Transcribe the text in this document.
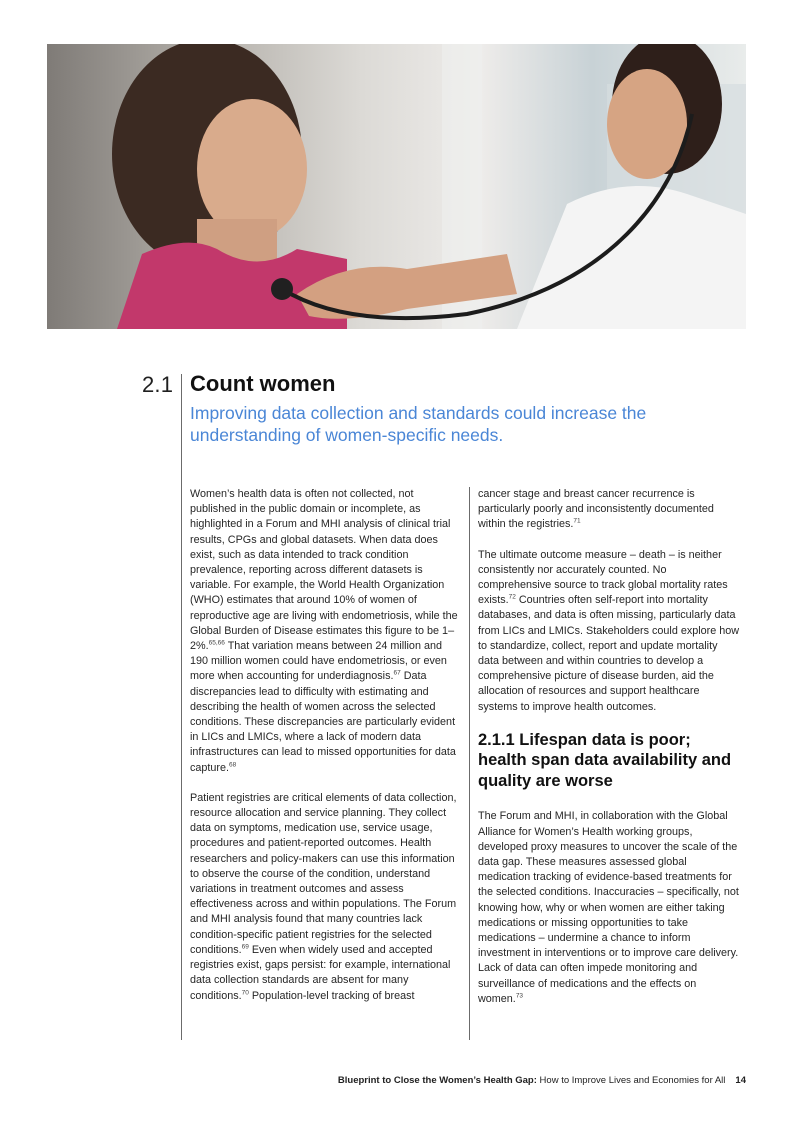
2.1 Count women
Improving data collection and standards could increase the understanding of women-specific needs.

Women’s health data is often not collected, not published in the public domain or incomplete, as highlighted in a Forum and MHI analysis of clinical trial results, CPGs and global datasets. When data does exist, such as data intended to track condition prevalence, reporting across different datasets is variable. For example, the World Health Organization (WHO) estimates that around 10% of women of reproductive age are living with endometriosis, while the Global Burden of Disease estimates this figure to be 1–2%.$^{65,66}$ That variation means between 24 million and 190 million women could have endometriosis, or even more when accounting for underdiagnosis.$^{67}$ Data discrepancies lead to difficulty with estimating and describing the health of women across the selected conditions. These discrepancies are particularly evident in LICs and LMICs, where a lack of modern data infrastructures can lead to missed opportunities for data capture.$^{68}$

Patient registries are critical elements of data collection, resource allocation and service planning. They collect data on symptoms, medication use, service usage, procedures and patient-reported outcomes. Health researchers and policy-makers can use this information to observe the course of the condition, understand variations in treatment outcomes and assess effectiveness across and within populations. The Forum and MHI analysis found that many countries lack condition-specific patient registries for the selected conditions.$^{69}$ Even when widely used and accepted registries exist, gaps persist: for example, international data collection standards are absent for many conditions.$^{70}$ Population-level tracking of breast

cancer stage and breast cancer recurrence is particularly poorly and inconsistently documented within the registries.$^{71}$

The ultimate outcome measure – death – is neither consistently nor accurately counted. No comprehensive source to track global mortality rates exists.$^{72}$ Countries often self-report into mortality databases, and data is often missing, particularly data from LICs and LMICs. Stakeholders could explore how to standardize, collect, report and update mortality data between and within countries to develop a comprehensive picture of disease burden, aid the allocation of resources and support healthcare systems to improve health outcomes.

2.1.1 Lifespan data is poor; health span data availability and quality are worse

The Forum and MHI, in collaboration with the Global Alliance for Women’s Health working groups, developed proxy measures to uncover the scale of the data gap. These measures assessed global medication tracking of evidence-based treatments for the selected conditions. Inaccuracies – specifically, not knowing how, why or when women are either taking medications or missing opportunities to take medications – undermine a chance to inform investment in interventions or to improve care delivery. Lack of data can often impede monitoring and surveillance of medications and the effects on women.$^{73}$

Blueprint to Close the Women’s Health Gap: How to Improve Lives and Economies for All 14
